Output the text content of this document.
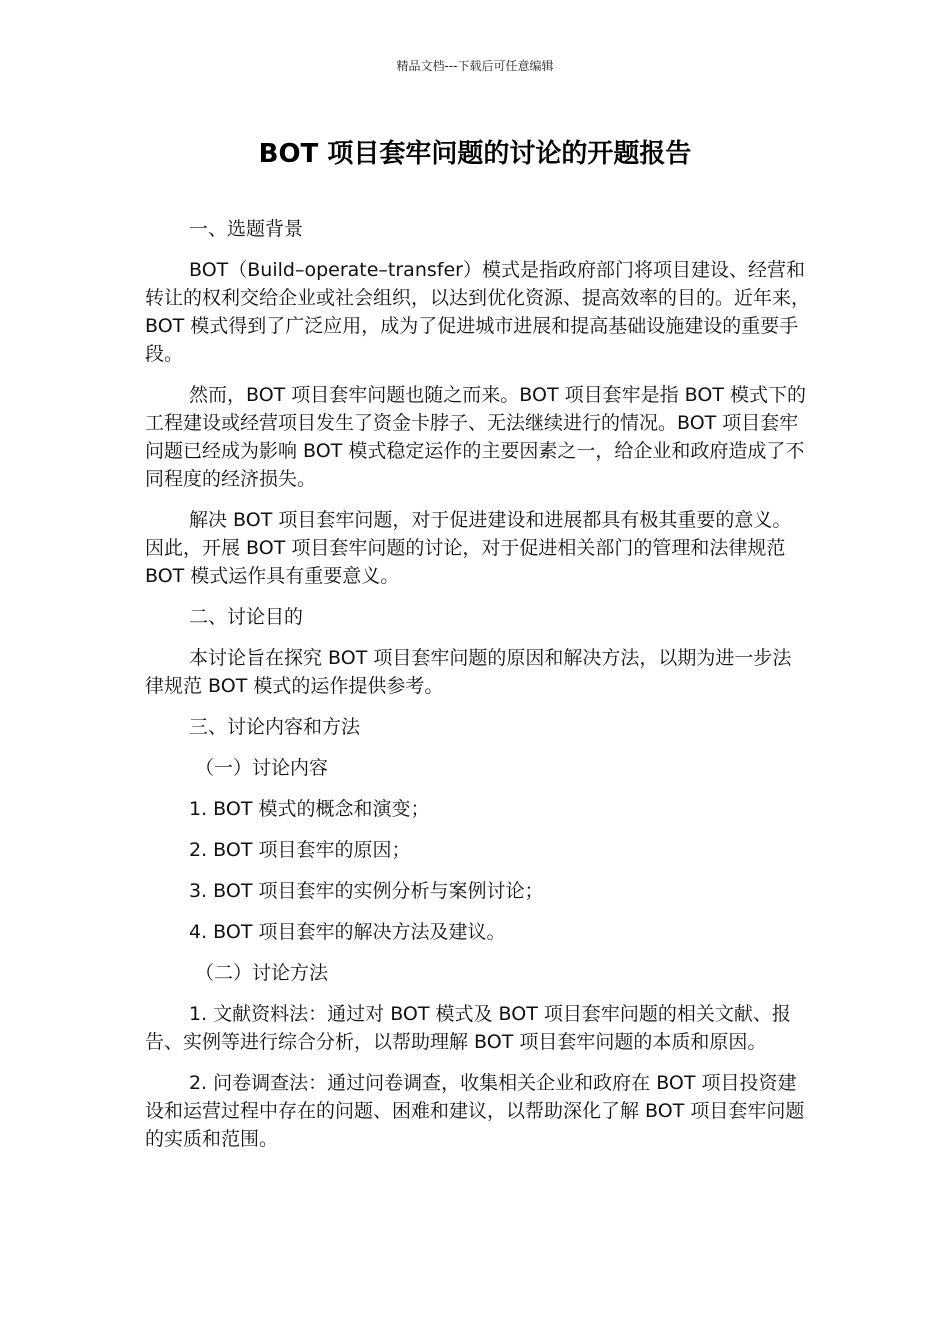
精品文档---下载后可任意编辑
BOT 项目套牢问题的讨论的开题报告

一、选题背景

BOT（Build–operate–transfer）模式是指政府部门将项目建设、经营和转让的权利交给企业或社会组织，以达到优化资源、提高效率的目的。近年来，BOT 模式得到了广泛应用，成为了促进城市进展和提高基础设施建设的重要手段。

然而，BOT 项目套牢问题也随之而来。BOT 项目套牢是指 BOT 模式下的工程建设或经营项目发生了资金卡脖子、无法继续进行的情况。BOT 项目套牢问题已经成为影响 BOT 模式稳定运作的主要因素之一，给企业和政府造成了不同程度的经济损失。

解决 BOT 项目套牢问题，对于促进建设和进展都具有极其重要的意义。因此，开展 BOT 项目套牢问题的讨论，对于促进相关部门的管理和法律规范 BOT 模式运作具有重要意义。

二、讨论目的

本讨论旨在探究 BOT 项目套牢问题的原因和解决方法，以期为进一步法律规范 BOT 模式的运作提供参考。

三、讨论内容和方法

（一）讨论内容

1. BOT 模式的概念和演变；

2. BOT 项目套牢的原因；

3. BOT 项目套牢的实例分析与案例讨论；

4. BOT 项目套牢的解决方法及建议。

（二）讨论方法

1. 文献资料法：通过对 BOT 模式及 BOT 项目套牢问题的相关文献、报告、实例等进行综合分析，以帮助理解 BOT 项目套牢问题的本质和原因。

2. 问卷调查法：通过问卷调查，收集相关企业和政府在 BOT 项目投资建设和运营过程中存在的问题、困难和建议，以帮助深化了解 BOT 项目套牢问题的实质和范围。
